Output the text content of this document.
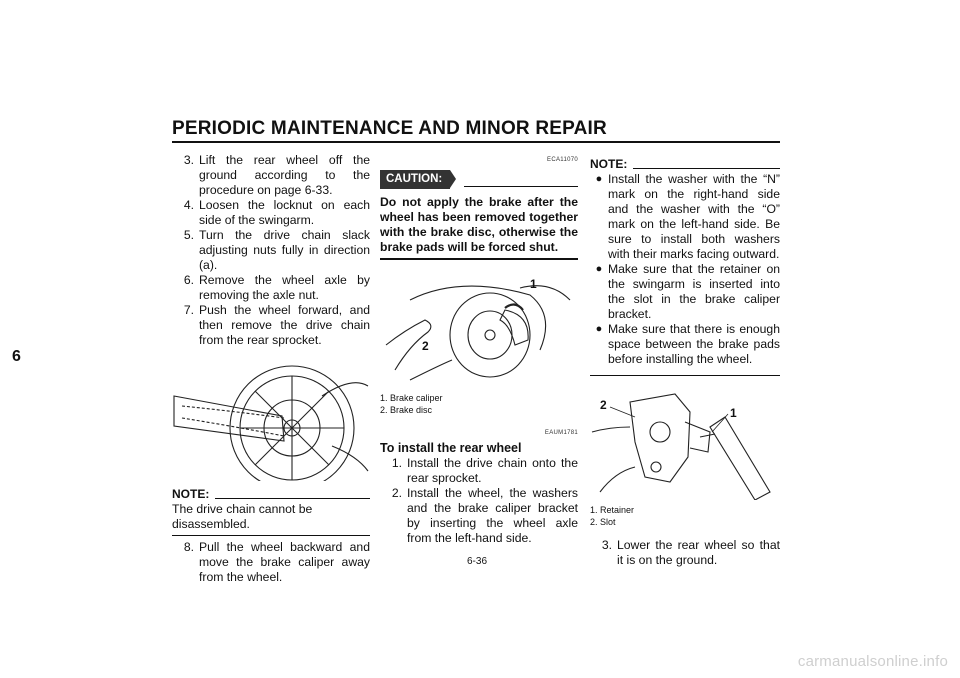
PERIODIC MAINTENANCE AND MINOR REPAIR
6
3. Lift the rear wheel off the ground according to the procedure on page 6-33.
4. Loosen the locknut on each side of the swingarm.
5. Turn the drive chain slack adjusting nuts fully in direction (a).
6. Remove the wheel axle by removing the axle nut.
7. Push the wheel forward, and then remove the drive chain from the rear sprocket.
NOTE:
The drive chain cannot be disassembled.
8. Pull the wheel backward and move the brake caliper away from the wheel.
ECA11070
CAUTION:
Do not apply the brake after the wheel has been removed together with the brake disc, otherwise the brake pads will be forced shut.
1
2
1. Brake caliper
2. Brake disc
EAUM1781
To install the rear wheel
1. Install the drive chain onto the rear sprocket.
2. Install the wheel, the washers and the brake caliper bracket by inserting the wheel axle from the left-hand side.
NOTE:
● Install the washer with the “N” mark on the right-hand side and the washer with the “O” mark on the left-hand side. Be sure to install both washers with their marks facing outward.
● Make sure that the retainer on the swingarm is inserted into the slot in the brake caliper bracket.
● Make sure that there is enough space between the brake pads before installing the wheel.
2
1
1. Retainer
2. Slot
3. Lower the rear wheel so that it is on the ground.
6-36
carmanualsonline.info
